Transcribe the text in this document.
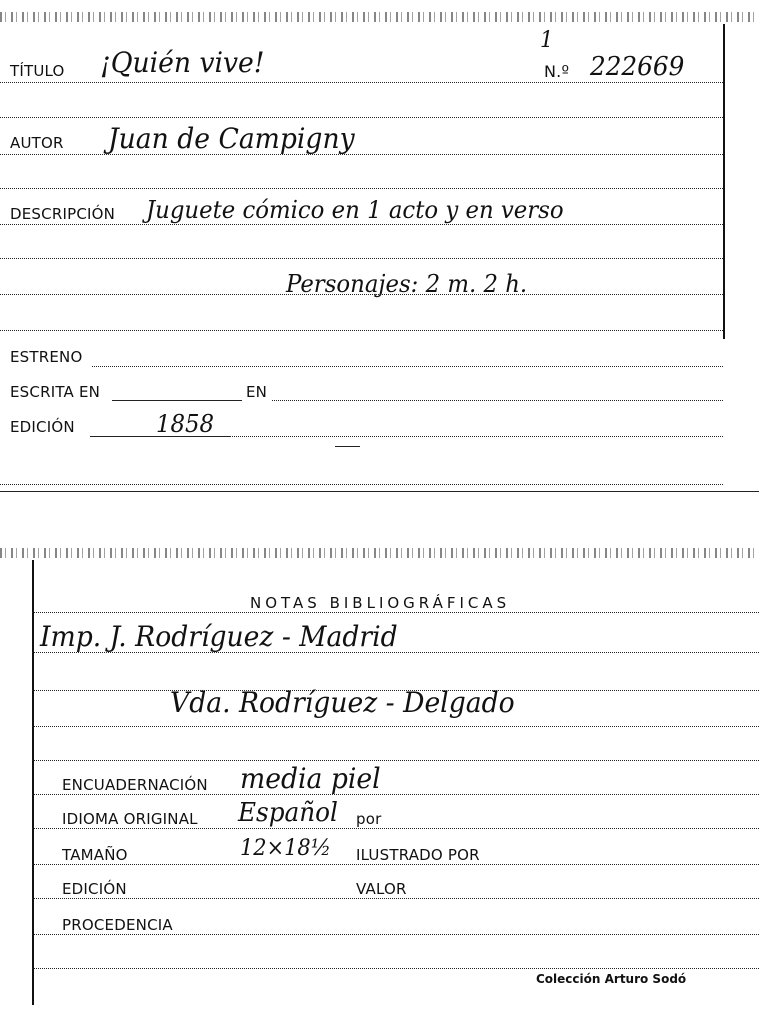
TÍTULO ¡Quién vive!
1
N.º 222669
AUTOR Juan de Campigny
DESCRIPCIÓN Juguete cómico en 1 acto y en verso
Personajes: 2 m. 2 h.
ESTRENO
ESCRITA EN	EN
EDICIÓN	1858
NOTAS BIBLIOGRÁFICAS
Imp. J. Rodríguez - Madrid
Vda. Rodríguez - Delgado
ENCUADERNACIÓN media piel
IDIOMA ORIGINAL Español por
TAMAÑO	12×18½ ILUSTRADO POR
EDICIÓN	VALOR
PROCEDENCIA
Colección Arturo Sodó
